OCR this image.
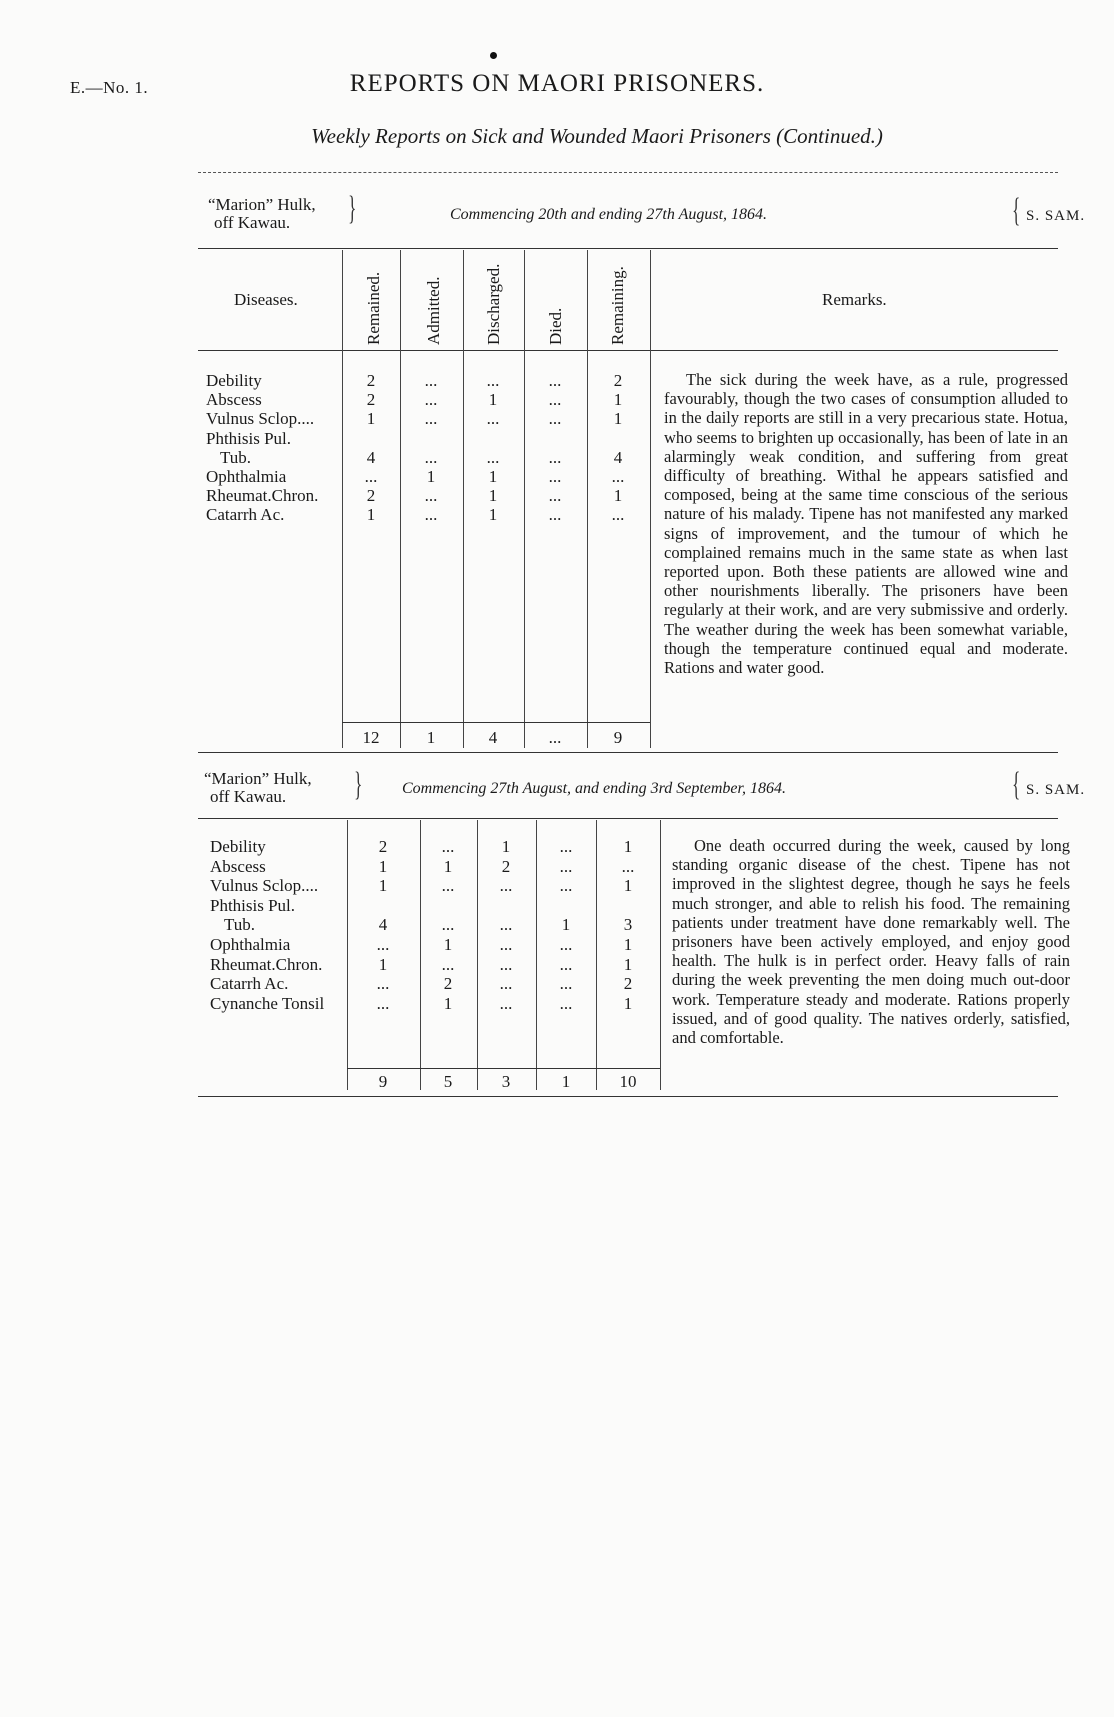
E.—No. 1.	REPORTS ON MAORI PRISONERS.
Weekly Reports on Sick and Wounded Maori Prisoners (Continued.)
“Marion” Hulk,
off Kawau.	}	Commencing 20th and ending 27th August, 1864.	{ S. SAM.
Diseases.	Remained. Admitted. Discharged.	Died.	Remaining.	Remarks.
Debility	2	...	...	...	2
Abscess	2	...	1	...	1
Vulnus Sclop....	1	...	...	...	1
Phthisis Pul.
Tub.	4	...	...	...	4
Ophthalmia	...	1	1	...	...
Rheumat.Chron.	2	...	1	...	1
Catarrh Ac.	1	...	1	...	...
12	1	4	...	9
The sick during the week have, as a rule, progressed favourably, though the two cases of consumption alluded to in the daily reports are still in a very precarious state. Hotua, who seems to brighten up occasionally, has been of late in an alarmingly weak condition, and suffering from great difficulty of breathing. Withal he appears satisfied and composed, being at the same time conscious of the serious nature of his malady. Tipene has not manifested any marked signs of improvement, and the tumour of which he complained remains much in the same state as when last reported upon. Both these patients are allowed wine and other nourishments liberally. The prisoners have been regularly at their work, and are very submissive and orderly. The weather during the week has been somewhat variable, though the temperature continued equal and moderate. Rations and water good.
“Marion” Hulk,
off Kawau.	} Commencing 27th August, and ending 3rd September, 1864.	{ S. SAM.
Debility	2	...	1	...	1
Abscess	1	1	2	...	...
Vulnus Sclop....	1	...	...	...	1
Phthisis Pul.
Tub.	4	...	...	1	3
Ophthalmia	...	1	...	...	1
Rheumat.Chron.	1	...	...	...	1
Catarrh Ac.	...	2	...	...	2
Cynanche Tonsil	...	1	...	...	1
9	5	3	1	10
One death occurred during the week, caused by long standing organic disease of the chest. Tipene has not improved in the slightest degree, though he says he feels much stronger, and able to relish his food. The remaining patients under treatment have done remarkably well. The prisoners have been actively employed, and enjoy good health. The hulk is in perfect order. Heavy falls of rain during the week preventing the men doing much out-door work. Temperature steady and moderate. Rations properly issued, and of good quality. The natives orderly, satisfied, and comfortable.
